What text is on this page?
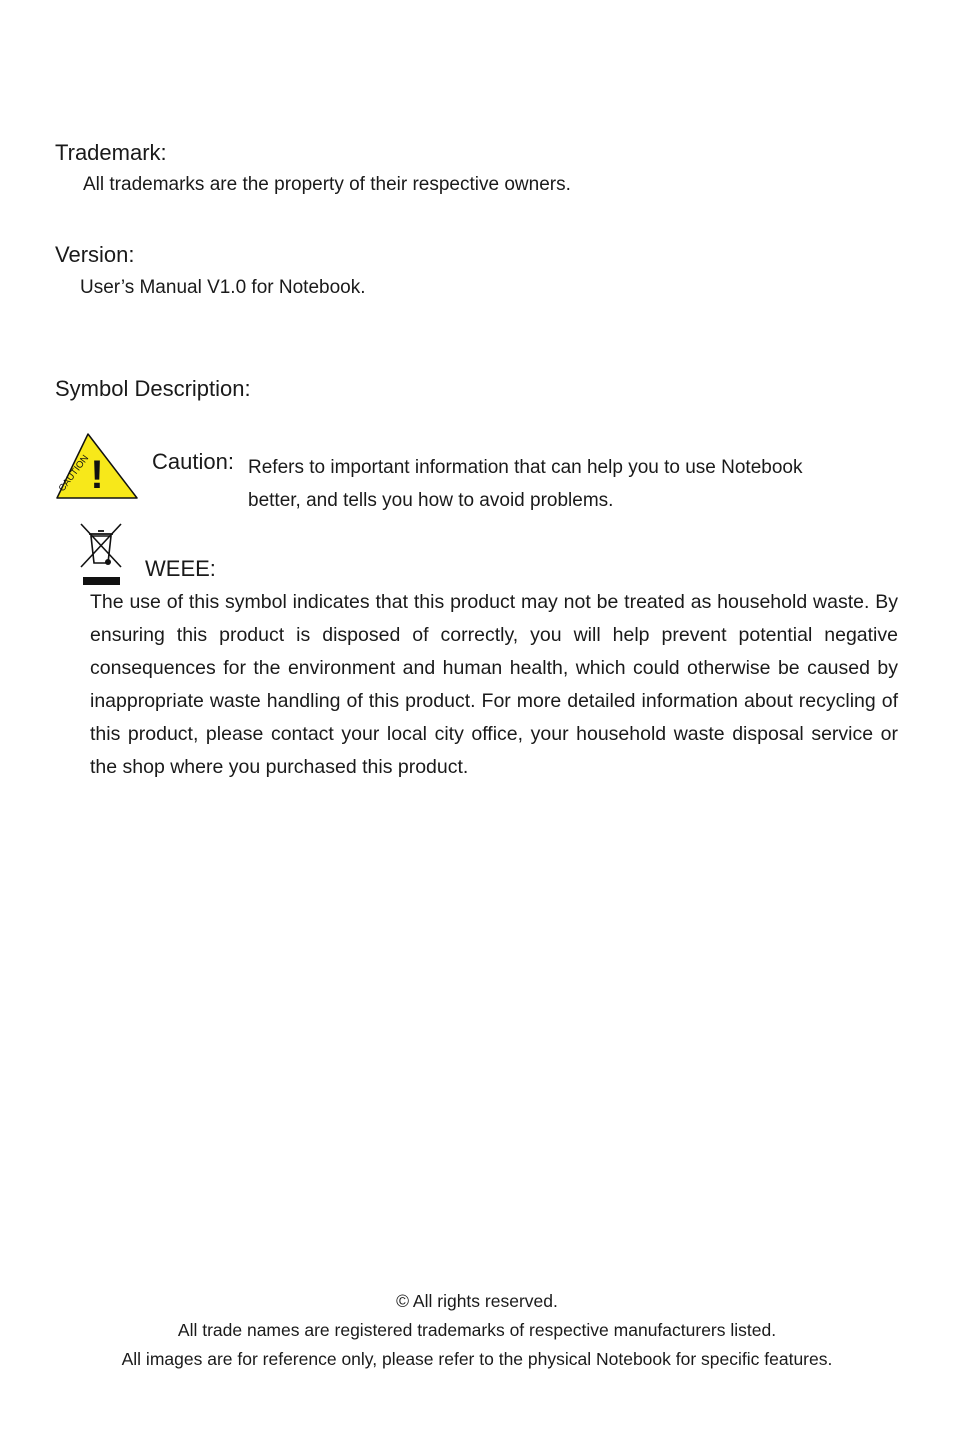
Trademark:
All trademarks are the property of their respective owners.
Version:
User’s Manual V1.0 for Notebook.
Symbol Description:
!
CAUTION	Caution: Refers to important information that can help you to use Notebook
better, and tells you how to avoid problems.
WEEE:
The use of this symbol indicates that this product may not be treated as household waste. By ensuring this product is disposed of correctly, you will help prevent potential negative consequences for the environment and human health, which could otherwise be caused by inappropriate waste handling of this product. For more detailed information about recycling of this product, please contact your local city office, your household waste disposal service or the shop where you purchased this product.
© All rights reserved.
All trade names are registered trademarks of respective manufacturers listed.
All images are for reference only, please refer to the physical Notebook for specific features.
